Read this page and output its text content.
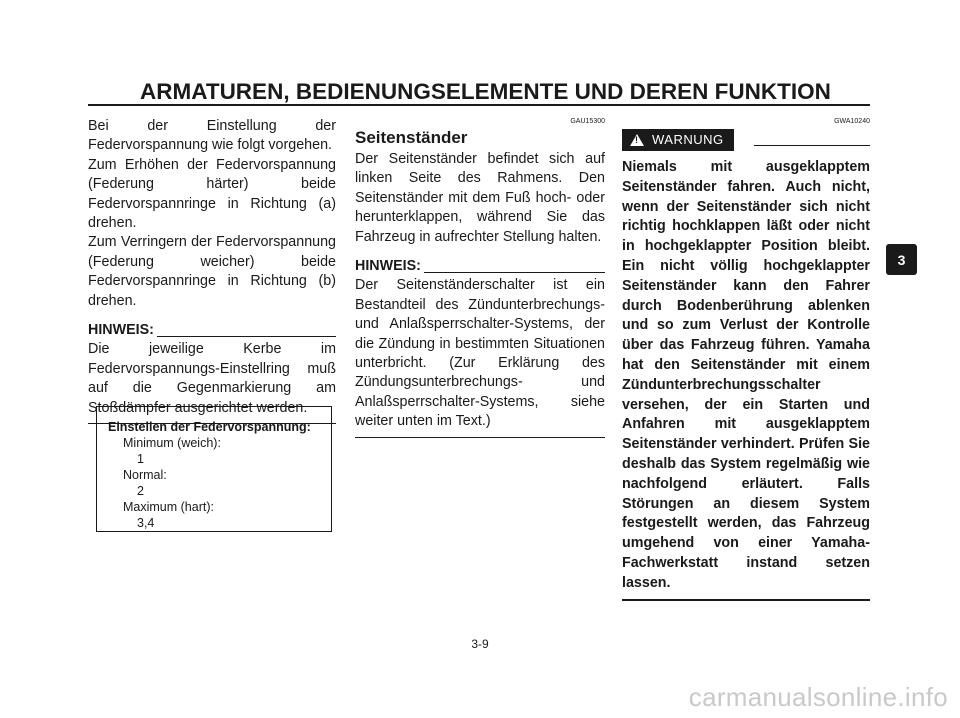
ARMATUREN, BEDIENUNGSELEMENTE UND DEREN FUNKTION

Bei der Einstellung der Federvorspannung wie folgt vorgehen.

Zum Erhöhen der Federvorspannung (Federung härter) beide Federvorspannringe in Richtung (a) drehen.

Zum Verringern der Federvorspannung (Federung weicher) beide Federvorspannringe in Richtung (b) drehen.

HINWEIS:

Die jeweilige Kerbe im Federvorspannungs-Einstellring muß auf die Gegenmarkierung am Stoßdämpfer ausgerichtet werden.

Einstellen der Federvorspannung:
Minimum (weich):
1
Normal:
2
Maximum (hart):
3,4
GAU15300
Seitenständer

Der Seitenständer befindet sich auf linken Seite des Rahmens. Den Seitenständer mit dem Fuß hoch- oder herunterklappen, während Sie das Fahrzeug in aufrechter Stellung halten.

HINWEIS:

Der Seitenständerschalter ist ein Bestandteil des Zündunterbrechungs- und Anlaßsperrschalter-Systems, der die Zündung in bestimmten Situationen unterbricht. (Zur Erklärung des Zündungsunterbrechungs- und Anlaßsperrschalter-Systems, siehe weiter unten im Text.)

GWA10240
! WARNUNG

Niemals mit ausgeklapptem Seitenständer fahren. Auch nicht, wenn der Seitenständer sich nicht richtig hochklappen läßt oder nicht in hochgeklappter Position bleibt. Ein nicht völlig hochgeklappter Seitenständer kann den Fahrer durch Bodenberührung ablenken und so zum Verlust der Kontrolle über das Fahrzeug führen. Yamaha hat den Seitenständer mit einem Zündunterbrechungsschalter versehen, der ein Starten und Anfahren mit ausgeklapptem Seitenständer verhindert. Prüfen Sie deshalb das System regelmäßig wie nachfolgend erläutert. Falls Störungen an diesem System festgestellt werden, das Fahrzeug umgehend von einer Yamaha-Fachwerkstatt instand setzen lassen.

3
3-9
carmanualsonline.info
